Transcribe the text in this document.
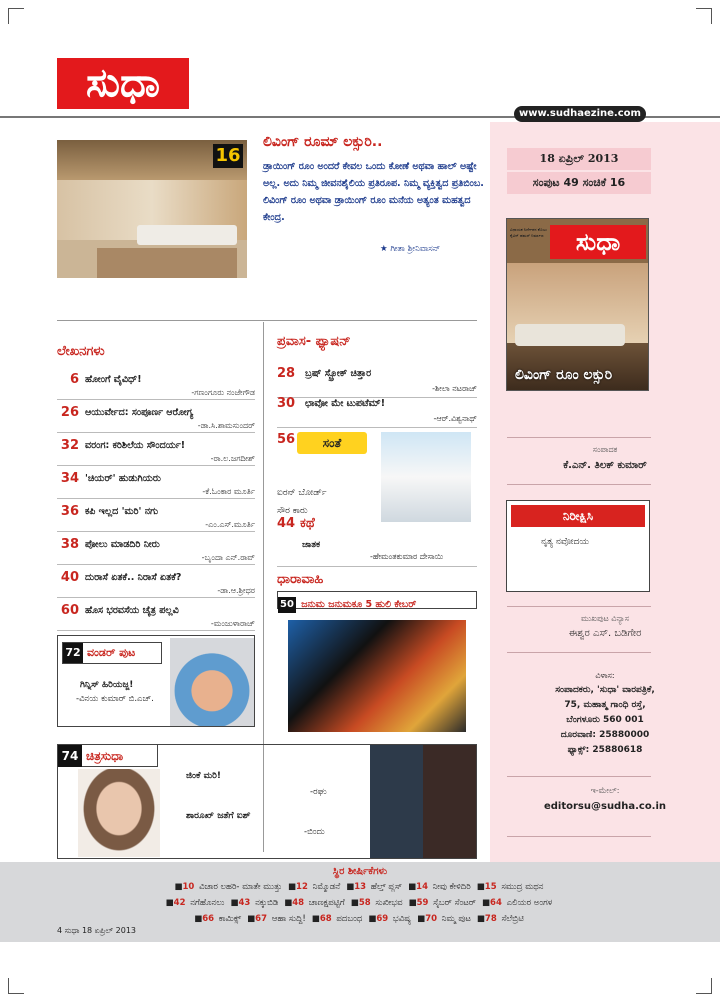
ಸುಧಾ
www.sudhaezine.com
18 ಏಪ್ರಿಲ್ 2013
ಸಂಪುಟ 49 ಸಂಚಿಕೆ 16
ವಿಧಾಯಕ ನಿರ್ದೇಶನ ಕೊಂಟ ಕೈವಿನ್ ಹಮಸ್ ನಿರ್ಮಾಣ	ಸುಧಾ
ಲಿವಿಂಗ್ ರೂಂ ಲಕ್ಸುರಿ
ಸಂಪಾದಕ
ಕೆ.ಎನ್. ತಿಲಕ್ ಕುಮಾರ್
ನಿರೀಕ್ಷಿಸಿ
ನೃತ್ಯ ನವೋದಯ
ಮುಖಪುಟ ವಿನ್ಯಾಸ
ಈಶ್ವರ ಎಸ್. ಬಡಿಗೇರ
ವಿಳಾಸ:
ಸಂಪಾದಕರು, 'ಸುಧಾ' ವಾರಪತ್ರಿಕೆ,
75, ಮಹಾತ್ಮ ಗಾಂಧಿ ರಸ್ತೆ,
ಬೆಂಗಳೂರು 560 001
ದೂರವಾಣಿ: 25880000
ಫ್ಯಾಕ್ಸ್: 25880618
ಇ-ಮೇಲ್:
editorsu@sudha.co.in
16
ಲಿವಿಂಗ್ ರೂಮ್ ಲಕ್ಸುರಿ..
ಡ್ರಾಯಿಂಗ್ ರೂಂ ಅಂದರೆ ಕೇವಲ ಒಂದು ಕೋಣೆ ಅಥವಾ ಹಾಲ್ ಅಷ್ಟೇ ಅಲ್ಲ. ಅದು ನಿಮ್ಮ ಜೀವನಶೈಲಿಯ ಪ್ರತಿರೂಪ. ನಿಮ್ಮ ವ್ಯಕ್ತಿತ್ವದ ಪ್ರತಿಬಿಂಬ. ಲಿವಿಂಗ್ ರೂಂ ಅಥವಾ ಡ್ರಾಯಿಂಗ್ ರೂಂ ಮನೆಯ ಅತ್ಯಂತ ಮಹತ್ವದ ಕೇಂದ್ರ.
★ ಗೀತಾ ಶ್ರೀನಿವಾಸನ್
ಲೇಖನಗಳು
6 ಹೋಂಗೆ ವೈವಿಧ್!
-ಗಣಂಗೂರು ನಂಜೇಗೌಡ
26 ಆಯುರ್ವೇದ: ಸಂಪೂರ್ಣ ಆರೋಗ್ಯ
-ಡಾ.ಸಿ.ಶಾಮಸುಂದರ್
32 ವರಂಗ: ಕರಿಶಿಲೆಯ ಸೌಂದರ್ಯ!
-ರಾ.ಲ.ಜಗದೀಶ್
34 'ಚಿಯರ್' ಹುಡುಗಿಯರು
-ಕೆ.ಓಂಕಾರ ಮೂರ್ತಿ
36 ಕಪಿ ಇಲ್ಲದ 'ಮರಿ' ನಗು
-ಎಂ.ಎಸ್.ಮೂರ್ತಿ
38 ಪೋಲು ಮಾಡದಿರಿ ನೀರು
-ಬೃಂದಾ ಎನ್.ರಾವ್
40 ದುರಾಸೆ ಏತಕೆ.. ನಿರಾಸೆ ಏತಕೆ?
-ಡಾ.ಆ.ಶ್ರೀಧರ
60 ಹೊಸ ಭರವಸೆಯ ಚೈತ್ರ ಪಲ್ಲವಿ
-ಮಂಜುಳಾರಾಜ್
ಪ್ರವಾಸ- ಫ್ಯಾಷನ್
28 ಬ್ರಷ್ ಸ್ಟ್ರೋಕ್ ಚಿತ್ತಾರ
-ಶೀಲಾ ನಟರಾಜ್
30 ಛಾವೋ ಮೇ ಟುಪಟೆಮ್!
-ಆರ್.ವಿಶ್ವನಾಥ್
56	ಸಂತೆ
ಐರನ್ ಬೋರ್ಡ್
ಸೌರ ಕಾರು
44 ಕಥೆ
ಜಾತಕ
-ಹೇಮಂತಕುಮಾರ ದೇಸಾಯಿ
ಧಾರಾವಾಹಿ
50 ಜನುಮ ಜನುಮಕೂ 5 ಹುಲಿ ಕೇಬರ್
72 ವಂಡರ್ ಪುಟ
ಗಿನ್ನಿಸ್ ಹಿರಿಯಜ್ಜ!
-ವಿನಯ ಕುಮಾರ್ ಬಿ.ಎಚ್.
74 ಚಿತ್ರಸುಧಾ
ಜಿಂಕೆ ಮರಿ!
-ರಘು
ಶಾರೂಖ್ ಜತೆಗೆ ಐಶ್
-ಬಿಂದು
ಸ್ಥಿರ ಶೀರ್ಷಿಕೆಗಳು
■10 ವಿಚಾರ ಲಹರಿ- ಮಾತೇ ಮುತ್ತು ■12 ನಿಮ್ಮೊಡನೆ ■13 ಹೆಲ್ತ್ ಪ್ಲಸ್ ■14 ನೀವು ಕೇಳಿದಿರಿ ■15 ಸಮುದ್ರ ಮಥನ
■42 ನಗೆಹೊನಲು ■43 ನಕ್ಕುಬಿಡಿ ■48 ಚಾಣಕ್ಷಪಟ್ಟಿಗೆ ■58 ಸುಖೀಭವ ■59 ಸೈಬರ್ ಸೆಂಟರ್ ■64 ಎಲಿಯರ ಅಂಗಳ
■66 ಕಾಮಿಕ್ಸ್ ■67 ಆಹಾ ಸುದ್ದಿ! ■68 ಪದಬಂಧ ■69 ಭವಿಷ್ಯ ■70 ನಿಮ್ಮ ಪುಟ ■78 ಸೆಲೆಬ್ರಿಟಿ
4 ಸುಧಾ 18 ಏಪ್ರಿಲ್ 2013
